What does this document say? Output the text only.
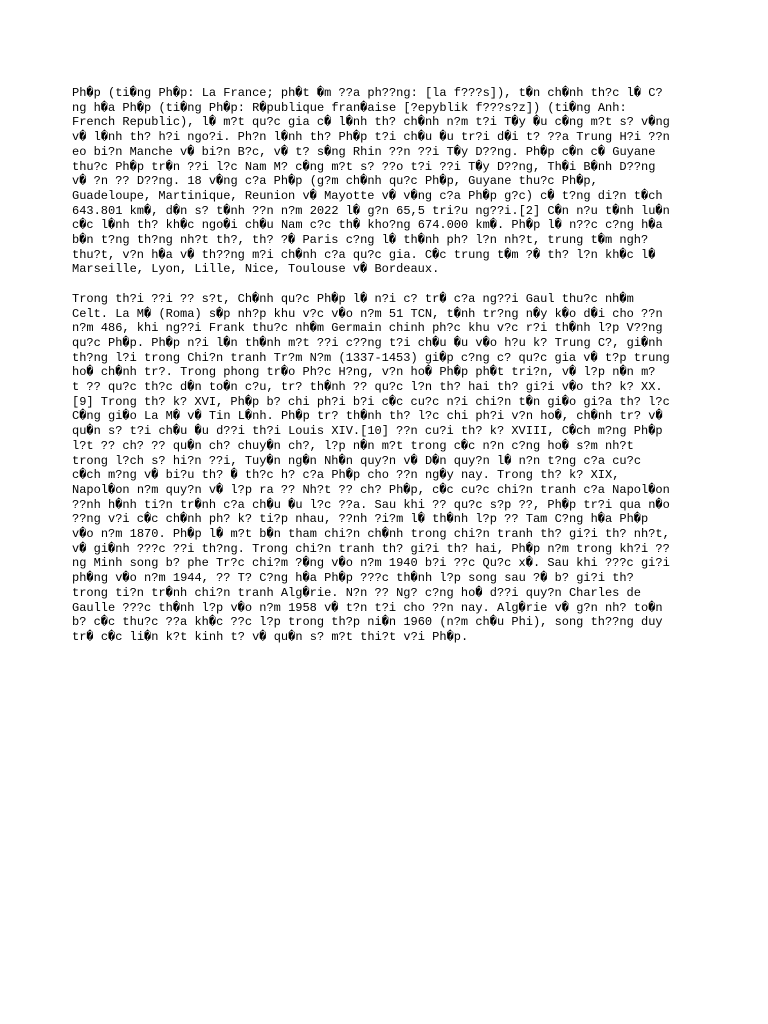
Ph�p (ti�ng Ph�p: La France; ph�t �m ??a ph??ng: [la f???s]), t�n ch�nh th?c l� C?
ng h�a Ph�p (ti�ng Ph�p: R�publique fran�aise [?epyblik f???s?z]) (ti�ng Anh:
French Republic), l� m?t qu?c gia c� l�nh th? ch�nh n?m t?i T�y �u c�ng m?t s? v�ng
v� l�nh th? h?i ngo?i. Ph?n l�nh th? Ph�p t?i ch�u �u tr?i d�i t? ??a Trung H?i ??n
eo bi?n Manche v� bi?n B?c, v� t? s�ng Rhin ??n ??i T�y D??ng. Ph�p c�n c� Guyane
thu?c Ph�p tr�n ??i l?c Nam M? c�ng m?t s? ??o t?i ??i T�y D??ng, Th�i B�nh D??ng
v� ?n ?? D??ng. 18 v�ng c?a Ph�p (g?m ch�nh qu?c Ph�p, Guyane thu?c Ph�p,
Guadeloupe, Martinique, Reunion v� Mayotte v� v�ng c?a Ph�p g?c) c� t?ng di?n t�ch
643.801 km�, d�n s? t�nh ??n n?m 2022 l� g?n 65,5 tri?u ng??i.[2] C�n n?u t�nh lu�n
c�c l�nh th? kh�c ngo�i ch�u Nam c?c th� kho?ng 674.000 km�. Ph�p l� n??c c?ng h�a
b�n t?ng th?ng nh?t th?, th? ?� Paris c?ng l� th�nh ph? l?n nh?t, trung t�m ngh?
thu?t, v?n h�a v� th??ng m?i ch�nh c?a qu?c gia. C�c trung t�m ?� th? l?n kh�c l�
Marseille, Lyon, Lille, Nice, Toulouse v� Bordeaux.
Trong th?i ??i ?? s?t, Ch�nh qu?c Ph�p l� n?i c? tr� c?a ng??i Gaul thu?c nh�m
Celt. La M� (Roma) s�p nh?p khu v?c v�o n?m 51 TCN, t�nh tr?ng n�y k�o d�i cho ??n
n?m 486, khi ng??i Frank thu?c nh�m Germain chinh ph?c khu v?c r?i th�nh l?p V??ng
qu?c Ph�p. Ph�p n?i l�n th�nh m?t ??i c??ng t?i ch�u �u v�o h?u k? Trung C?, gi�nh
th?ng l?i trong Chi?n tranh Tr?m N?m (1337-1453) gi�p c?ng c? qu?c gia v� t?p trung
ho� ch�nh tr?. Trong phong tr�o Ph?c H?ng, v?n ho� Ph�p ph�t tri?n, v� l?p n�n m?
t ?? qu?c th?c d�n to�n c?u, tr? th�nh ?? qu?c l?n th? hai th? gi?i v�o th? k? XX.
[9] Trong th? k? XVI, Ph�p b? chi ph?i b?i c�c cu?c n?i chi?n t�n gi�o gi?a th? l?c
C�ng gi�o La M� v� Tin L�nh. Ph�p tr? th�nh th? l?c chi ph?i v?n ho�, ch�nh tr? v�
qu�n s? t?i ch�u �u d??i th?i Louis XIV.[10] ??n cu?i th? k? XVIII, C�ch m?ng Ph�p
l?t ?? ch? ?? qu�n ch? chuy�n ch?, l?p n�n m?t trong c�c n?n c?ng ho� s?m nh?t
trong l?ch s? hi?n ??i, Tuy�n ng�n Nh�n quy?n v� D�n quy?n l� n?n t?ng c?a cu?c
c�ch m?ng v� bi?u th? � th?c h? c?a Ph�p cho ??n ng�y nay. Trong th? k? XIX,
Napol�on n?m quy?n v� l?p ra ?? Nh?t ?? ch? Ph�p, c�c cu?c chi?n tranh c?a Napol�on
??nh h�nh ti?n tr�nh c?a ch�u �u l?c ??a. Sau khi ?? qu?c s?p ??, Ph�p tr?i qua n�o
??ng v?i c�c ch�nh ph? k? ti?p nhau, ??nh ?i?m l� th�nh l?p ?? Tam C?ng h�a Ph�p
v�o n?m 1870. Ph�p l� m?t b�n tham chi?n ch�nh trong chi?n tranh th? gi?i th? nh?t,
v� gi�nh ???c ??i th?ng. Trong chi?n tranh th? gi?i th? hai, Ph�p n?m trong kh?i ??
ng Minh song b? phe Tr?c chi?m ?�ng v�o n?m 1940 b?i ??c Qu?c x�. Sau khi ???c gi?i
ph�ng v�o n?m 1944, ?? T? C?ng h�a Ph�p ???c th�nh l?p song sau ?� b? gi?i th?
trong ti?n tr�nh chi?n tranh Alg�rie. N?n ?? Ng? c?ng ho� d??i quy?n Charles de
Gaulle ???c th�nh l?p v�o n?m 1958 v� t?n t?i cho ??n nay. Alg�rie v� g?n nh? to�n
b? c�c thu?c ??a kh�c ??c l?p trong th?p ni�n 1960 (n?m ch�u Phi), song th??ng duy
tr� c�c li�n k?t kinh t? v� qu�n s? m?t thi?t v?i Ph�p.
